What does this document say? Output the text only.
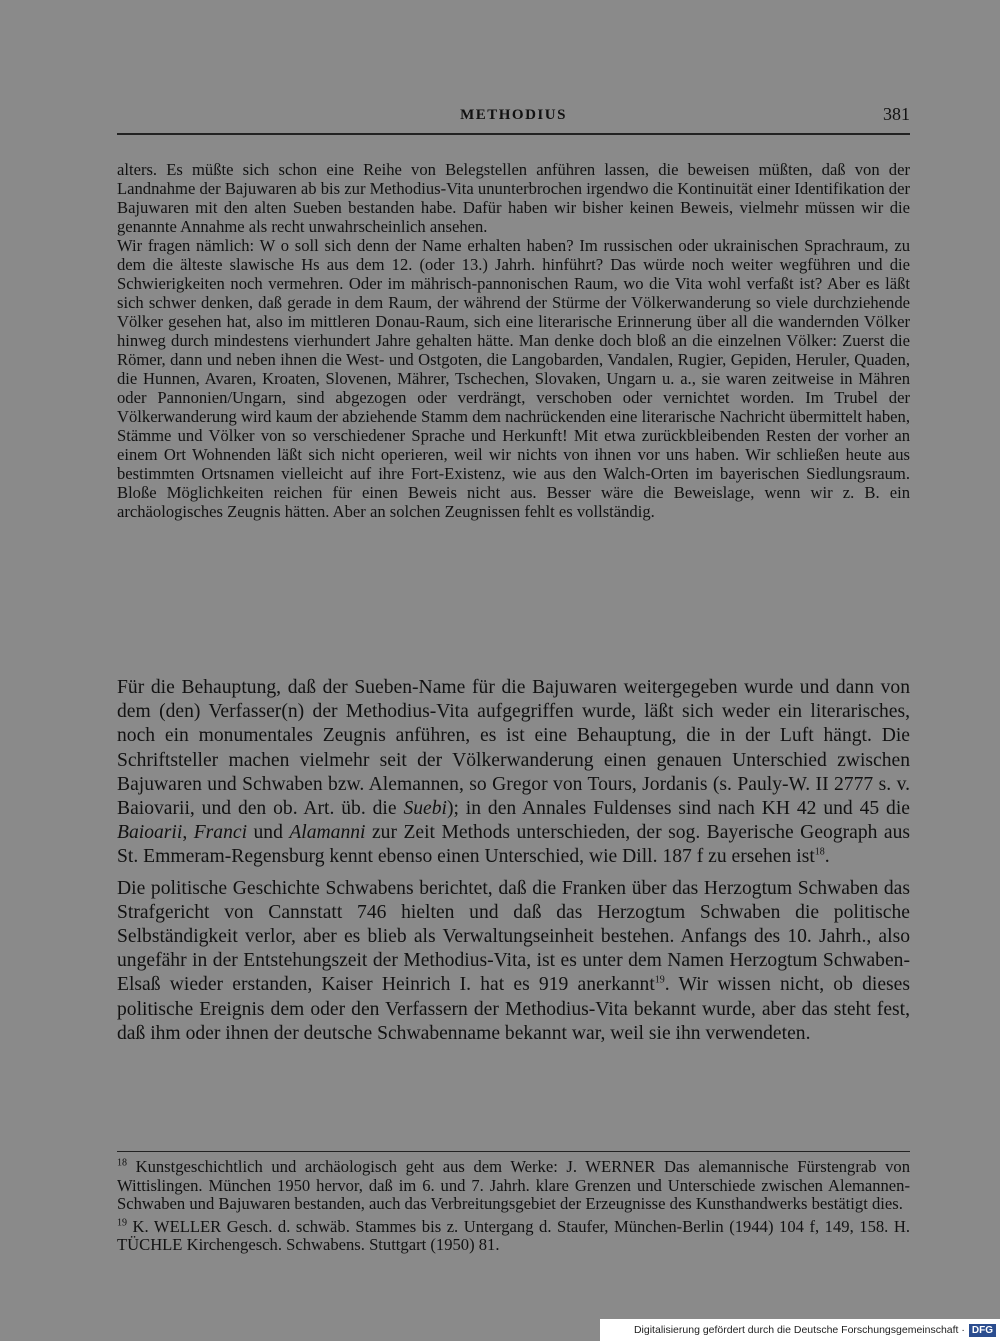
METHODIUS	381

alters. Es müßte sich schon eine Reihe von Belegstellen anführen lassen, die beweisen müßten, daß von der Landnahme der Bajuwaren ab bis zur Methodius-Vita ununterbrochen irgendwo die Kontinuität einer Identifikation der Bajuwaren mit den alten Sueben bestanden habe. Dafür haben wir bisher keinen Beweis, vielmehr müssen wir die genannte Annahme als recht unwahrscheinlich ansehen.

Wir fragen nämlich: W o soll sich denn der Name erhalten haben? Im russischen oder ukrainischen Sprachraum, zu dem die älteste slawische Hs aus dem 12. (oder 13.) Jahrh. hinführt? Das würde noch weiter wegführen und die Schwierigkeiten noch vermehren. Oder im mährisch-pannonischen Raum, wo die Vita wohl verfaßt ist? Aber es läßt sich schwer denken, daß gerade in dem Raum, der während der Stürme der Völkerwanderung so viele durchziehende Völker gesehen hat, also im mittleren Donau-Raum, sich eine literarische Erinnerung über all die wandernden Völker hinweg durch mindestens vierhundert Jahre gehalten hätte. Man denke doch bloß an die einzelnen Völker: Zuerst die Römer, dann und neben ihnen die West- und Ostgoten, die Langobarden, Vandalen, Rugier, Gepiden, Heruler, Quaden, die Hunnen, Avaren, Kroaten, Slovenen, Mährer, Tschechen, Slovaken, Ungarn u. a., sie waren zeitweise in Mähren oder Pannonien/Ungarn, sind abgezogen oder verdrängt, verschoben oder vernichtet worden. Im Trubel der Völkerwanderung wird kaum der abziehende Stamm dem nachrückenden eine literarische Nachricht übermittelt haben, Stämme und Völker von so verschiedener Sprache und Herkunft! Mit etwa zurückbleibenden Resten der vorher an einem Ort Wohnenden läßt sich nicht operieren, weil wir nichts von ihnen vor uns haben. Wir schließen heute aus bestimmten Ortsnamen vielleicht auf ihre Fort-Existenz, wie aus den Walch-Orten im bayerischen Siedlungsraum. Bloße Möglichkeiten reichen für einen Beweis nicht aus. Besser wäre die Beweislage, wenn wir z. B. ein archäologisches Zeugnis hätten. Aber an solchen Zeugnissen fehlt es vollständig.

Für die Behauptung, daß der Sueben-Name für die Bajuwaren weitergegeben wurde und dann von dem (den) Verfasser(n) der Methodius-Vita aufgegriffen wurde, läßt sich weder ein literarisches, noch ein monumentales Zeugnis anführen, es ist eine Behauptung, die in der Luft hängt. Die Schriftsteller machen vielmehr seit der Völkerwanderung einen genauen Unterschied zwischen Bajuwaren und Schwaben bzw. Alemannen, so Gregor von Tours, Jordanis (s. Pauly-W. II 2777 s. v. Baiovarii, und den ob. Art. üb. die Suebi); in den Annales Fuldenses sind nach KH 42 und 45 die Baioarii, Franci und Alamanni zur Zeit Methods unterschieden, der sog. Bayerische Geograph aus St. Emmeram-Regensburg kennt ebenso einen Unterschied, wie Dill. 187 f zu ersehen ist$^{18}$.

Die politische Geschichte Schwabens berichtet, daß die Franken über das Herzogtum Schwaben das Strafgericht von Cannstatt 746 hielten und daß das Herzogtum Schwaben die politische Selbständigkeit verlor, aber es blieb als Verwaltungseinheit bestehen. Anfangs des 10. Jahrh., also ungefähr in der Entstehungszeit der Methodius-Vita, ist es unter dem Namen Herzogtum Schwaben-Elsaß wieder erstanden, Kaiser Heinrich I. hat es 919 anerkannt$^{19}$. Wir wissen nicht, ob dieses politische Ereignis dem oder den Verfassern der Methodius-Vita bekannt wurde, aber das steht fest, daß ihm oder ihnen der deutsche Schwabenname bekannt war, weil sie ihn verwendeten.

$^{18}$ Kunstgeschichtlich und archäologisch geht aus dem Werke: J. WERNER Das alemannische Fürstengrab von Wittislingen. München 1950 hervor, daß im 6. und 7. Jahrh. klare Grenzen und Unterschiede zwischen Alemannen-Schwaben und Bajuwaren bestanden, auch das Verbreitungsgebiet der Erzeugnisse des Kunsthandwerks bestätigt dies.

$^{19}$ K. WELLER Gesch. d. schwäb. Stammes bis z. Untergang d. Staufer, München-Berlin (1944) 104 f, 149, 158. H. TÜCHLE Kirchengesch. Schwabens. Stuttgart (1950) 81.

Digitalisierung gefördert durch die Deutsche Forschungsgemeinschaft · DFG
